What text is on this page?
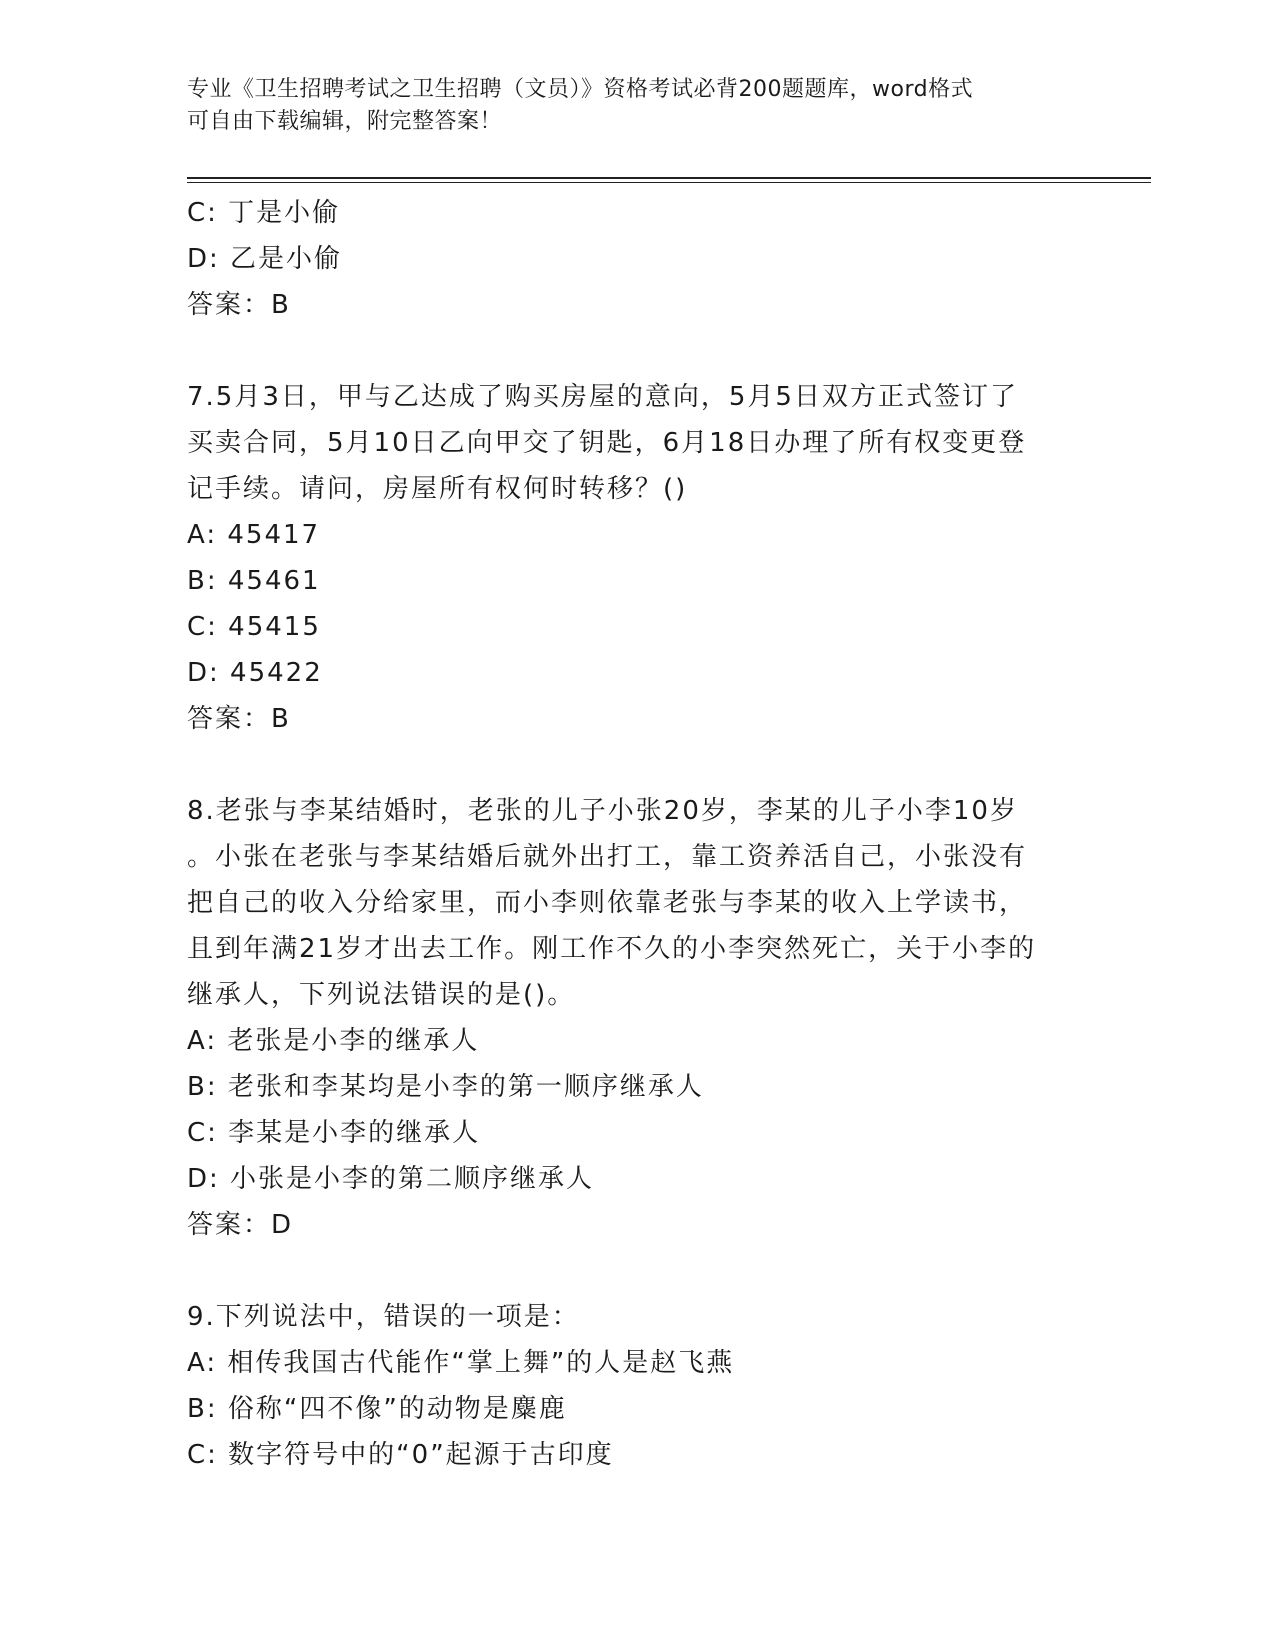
专业《卫生招聘考试之卫生招聘（文员）》资格考试必背200题题库，word格式
可自由下载编辑，附完整答案！
C: 丁是小偷
D: 乙是小偷
答案：B
7.5月3日，甲与乙达成了购买房屋的意向，5月5日双方正式签订了
买卖合同，5月10日乙向甲交了钥匙，6月18日办理了所有权变更登
记手续。请问，房屋所有权何时转移？()
A: 45417
B: 45461
C: 45415
D: 45422
答案：B
8.老张与李某结婚时，老张的儿子小张20岁，李某的儿子小李10岁
。小张在老张与李某结婚后就外出打工，靠工资养活自己，小张没有
把自己的收入分给家里，而小李则依靠老张与李某的收入上学读书，
且到年满21岁才出去工作。刚工作不久的小李突然死亡，关于小李的
继承人，下列说法错误的是()。
A: 老张是小李的继承人
B: 老张和李某均是小李的第一顺序继承人
C: 李某是小李的继承人
D: 小张是小李的第二顺序继承人
答案：D
9.下列说法中，错误的一项是：
A: 相传我国古代能作“掌上舞”的人是赵飞燕
B: 俗称“四不像”的动物是麋鹿
C: 数字符号中的“0”起源于古印度
